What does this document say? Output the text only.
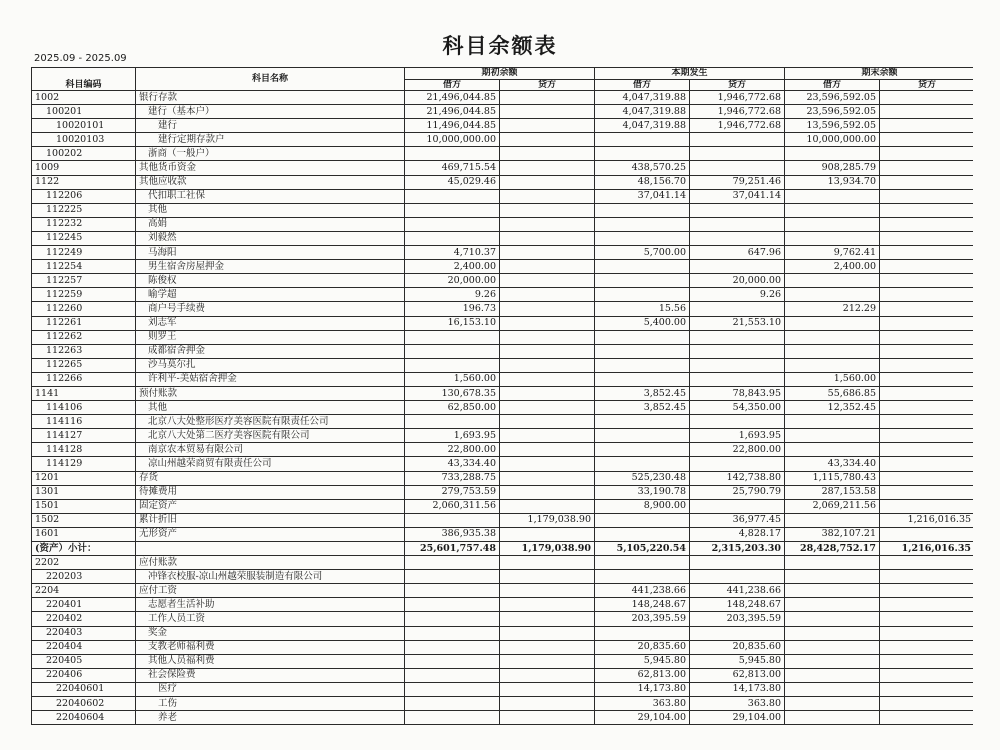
科目余额表
2025.09 - 2025.09
科目编码	科目名称	期初余额		本期发生		期末余额	
		借方	贷方	借方	贷方	借方	贷方
1002	银行存款	21,496,044.85		4,047,319.88	1,946,772.68	23,596,592.05	
100201	建行（基本户）	21,496,044.85		4,047,319.88	1,946,772.68	23,596,592.05	
10020101	建行	11,496,044.85		4,047,319.88	1,946,772.68	13,596,592.05	
10020103	建行定期存款户	10,000,000.00				10,000,000.00	
100202	浙商（一般户）						
1009	其他货币资金	469,715.54		438,570.25		908,285.79	
1122	其他应收款	45,029.46		48,156.70	79,251.46	13,934.70	
112206	代扣职工社保			37,041.14	37,041.14		
112225	其他						
112232	高娟						
112245	刘毅然						
112249	马海阳	4,710.37		5,700.00	647.96	9,762.41	
112254	男生宿舍房屋押金	2,400.00				2,400.00	
112257	陈俊权	20,000.00			20,000.00		
112259	喻学超	9.26			9.26		
112260	商户号手续费	196.73		15.56		212.29	
112261	刘志军	16,153.10		5,400.00	21,553.10		
112262	则罗王						
112263	成都宿舍押金						
112265	沙马莫尔扎						
112266	许利平-美姑宿舍押金	1,560.00				1,560.00	
1141	预付账款	130,678.35		3,852.45	78,843.95	55,686.85	
114106	其他	62,850.00		3,852.45	54,350.00	12,352.45	
114116	北京八大处整形医疗美容医院有限责任公司						
114127	北京八大处第二医疗美容医院有限公司	1,693.95			1,693.95		
114128	南京农本贸易有限公司	22,800.00			22,800.00		
114129	凉山州越荣商贸有限责任公司	43,334.40				43,334.40	
1201	存货	733,288.75		525,230.48	142,738.80	1,115,780.43	
1301	待摊费用	279,753.59		33,190.78	25,790.79	287,153.58	
1501	固定资产	2,060,311.56		8,900.00		2,069,211.56	
1502	累计折旧		1,179,038.90		36,977.45		1,216,016.35
1601	无形资产	386,935.38			4,828.17	382,107.21	
(资产）小计：		25,601,757.48	1,179,038.90	5,105,220.54	2,315,203.30	28,428,752.17	1,216,016.35
2202	应付账款						
220203	冲锋衣校服-凉山州越荣服装制造有限公司						
2204	应付工资			441,238.66	441,238.66		
220401	志愿者生活补助			148,248.67	148,248.67		
220402	工作人员工资			203,395.59	203,395.59		
220403	奖金						
220404	支教老师福利费			20,835.60	20,835.60		
220405	其他人员福利费			5,945.80	5,945.80		
220406	社会保险费			62,813.00	62,813.00		
22040601	医疗			14,173.80	14,173.80		
22040602	工伤			363.80	363.80		
22040604	养老			29,104.00	29,104.00		
